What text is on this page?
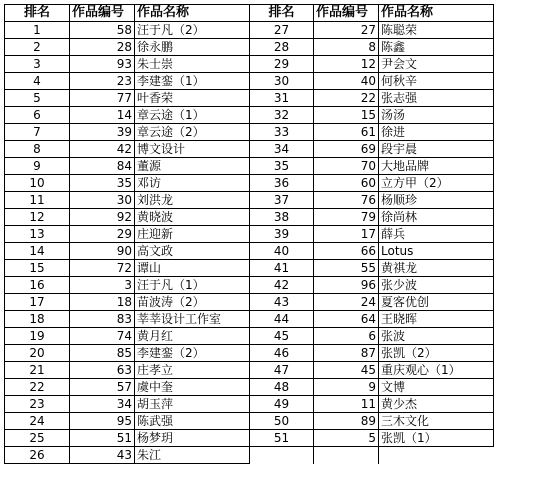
排名	作品编号	作品名称	排名	作品编号	作品名称
1	58	汪于凡（2）	27	27	陈聪荣
2	28	徐永鹏	28	8	陈鑫
3	93	朱士崇	29	12	尹会文
4	23	李建銮（1）	30	40	何秋辛
5	77	叶香荣	31	22	张志强
6	14	章云途（1）	32	15	汤汤
7	39	章云途（2）	33	61	徐进
8	42	博文设计	34	69	段宇晨
9	84	董源	35	70	大地品牌
10	35	邓访	36	60	立方甲（2）
11	30	刘洪龙	37	76	杨顺珍
12	92	黄晓波	38	79	徐尚林
13	29	庄迎新	39	17	薛兵
14	90	高文政	40	66	Lotus
15	72	谭山	41	55	黄祺龙
16	3	汪于凡（1）	42	96	张少波
17	18	苗波涛（2）	43	24	夏客优创
18	83	莘莘设计工作室	44	64	王晓晖
19	74	黄月红	45	6	张波
20	85	李建銮（2）	46	87	张凯（2）
21	63	庄孝立	47	45	重庆观心（1）
22	57	虞中奎	48	9	文博
23	34	胡玉萍	49	11	黄少杰
24	95	陈武强	50	89	三木文化
25	51	杨梦玥	51	5	张凯（1）
26	43	朱江			
